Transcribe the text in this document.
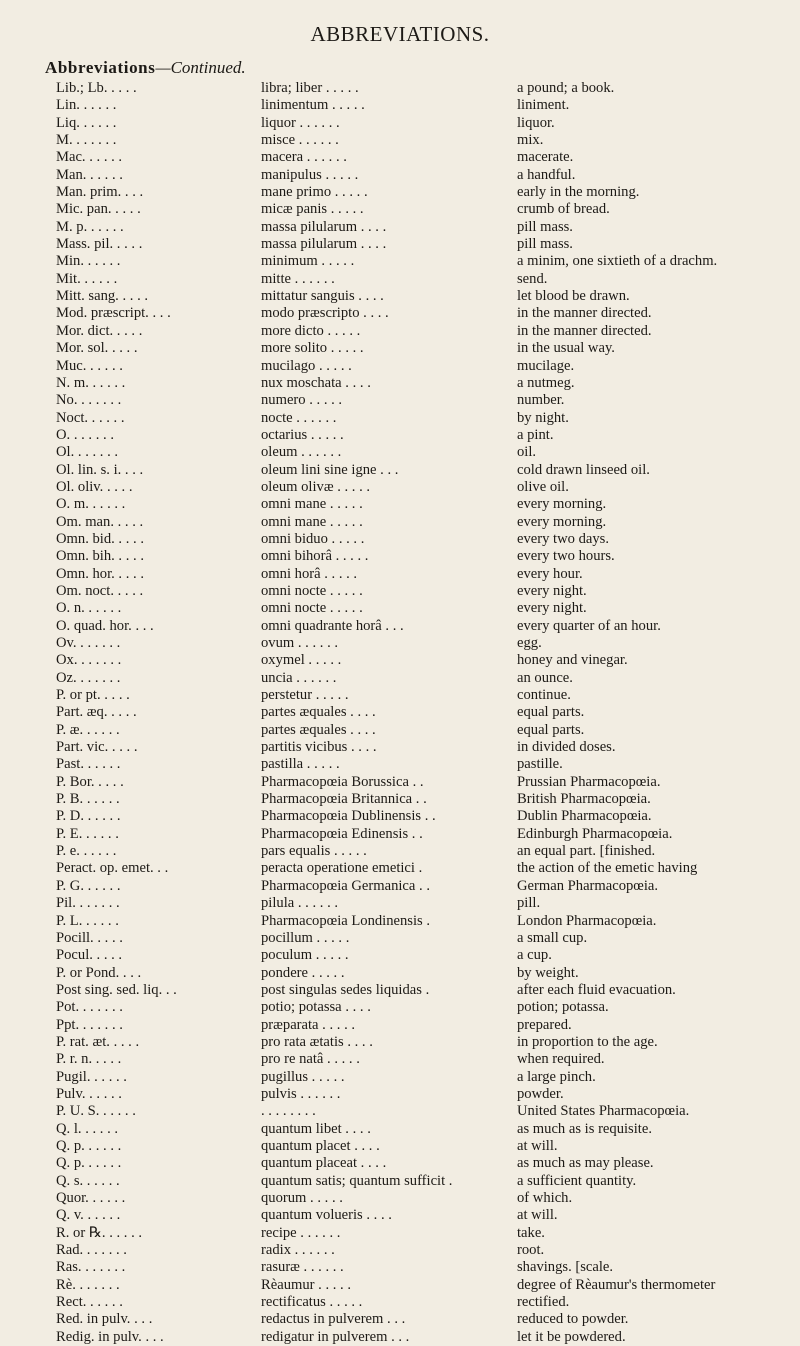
ABBREVIATIONS.
Abbreviations—Continued.
Lib.; Lb. . . . .	libra; liber . . . . .	a pound; a book.
Lin. . . . . .	linimentum . . . . .	liniment.
Liq. . . . . .	liquor . . . . . .	liquor.
M. . . . . . .	misce . . . . . .	mix.
Mac. . . . . .	macera . . . . . .	macerate.
Man. . . . . .	manipulus . . . . .	a handful.
Man. prim. . . .	mane primo . . . . .	early in the morning.
Mic. pan. . . . .	micæ panis . . . . .	crumb of bread.
M. p. . . . . .	massa pilularum . . . .	pill mass.
Mass. pil. . . . .	massa pilularum . . . .	pill mass.
Min. . . . . .	minimum . . . . .	a minim, one sixtieth of a drachm.
Mit. . . . . .	mitte . . . . . .	send.
Mitt. sang. . . . .	mittatur sanguis . . . .	let blood be drawn.
Mod. præscript. . . .	modo præscripto . . . .	in the manner directed.
Mor. dict. . . . .	more dicto . . . . .	in the manner directed.
Mor. sol. . . . .	more solito . . . . .	in the usual way.
Muc. . . . . .	mucilago . . . . .	mucilage.
N. m. . . . . .	nux moschata . . . .	a nutmeg.
No. . . . . . .	numero . . . . .	number.
Noct. . . . . .	nocte . . . . . .	by night.
O. . . . . . .	octarius . . . . .	a pint.
Ol. . . . . . .	oleum . . . . . .	oil.
Ol. lin. s. i. . . .	oleum lini sine igne . . .	cold drawn linseed oil.
Ol. oliv. . . . .	oleum olivæ . . . . .	olive oil.
O. m. . . . . .	omni mane . . . . .	every morning.
Om. man. . . . .	omni mane . . . . .	every morning.
Omn. bid. . . . .	omni biduo . . . . .	every two days.
Omn. bih. . . . .	omni bihorâ . . . . .	every two hours.
Omn. hor. . . . .	omni horâ . . . . .	every hour.
Om. noct. . . . .	omni nocte . . . . .	every night.
O. n. . . . . .	omni nocte . . . . .	every night.
O. quad. hor. . . .	omni quadrante horâ . . .	every quarter of an hour.
Ov. . . . . . .	ovum . . . . . .	egg.
Ox. . . . . . .	oxymel . . . . .	honey and vinegar.
Oz. . . . . . .	uncia . . . . . .	an ounce.
P. or pt. . . . .	perstetur . . . . .	continue.
Part. æq. . . . .	partes æquales . . . .	equal parts.
P. æ. . . . . .	partes æquales . . . .	equal parts.
Part. vic. . . . .	partitis vicibus . . . .	in divided doses.
Past. . . . . .	pastilla . . . . .	pastille.
P. Bor. . . . .	Pharmacopœia Borussica . .	Prussian Pharmacopœia.
P. B. . . . . .	Pharmacopœia Britannica . .	British Pharmacopœia.
P. D. . . . . .	Pharmacopœia Dublinensis . .	Dublin Pharmacopœia.
P. E. . . . . .	Pharmacopœia Edinensis . .	Edinburgh Pharmacopœia.
P. e. . . . . .	pars equalis . . . . .	an equal part. [finished.
Peract. op. emet. . .	peracta operatione emetici .	the action of the emetic having
P. G. . . . . .	Pharmacopœia Germanica . .	German Pharmacopœia.
Pil. . . . . . .	pilula . . . . . .	pill.
P. L. . . . . .	Pharmacopœia Londinensis .	London Pharmacopœia.
Pocill. . . . .	pocillum . . . . .	a small cup.
Pocul. . . . .	poculum . . . . .	a cup.
P. or Pond. . . .	pondere . . . . .	by weight.
Post sing. sed. liq. . .	post singulas sedes liquidas .	after each fluid evacuation.
Pot. . . . . . .	potio; potassa . . . .	potion; potassa.
Ppt. . . . . . .	præparata . . . . .	prepared.
P. rat. æt. . . . .	pro rata ætatis . . . .	in proportion to the age.
P. r. n. . . . .	pro re natâ . . . . .	when required.
Pugil. . . . . .	pugillus . . . . .	a large pinch.
Pulv. . . . . .	pulvis . . . . . .	powder.
P. U. S. . . . . .	. . . . . . . .	United States Pharmacopœia.
Q. l. . . . . .	quantum libet . . . .	as much as is requisite.
Q. p. . . . . .	quantum placet . . . .	at will.
Q. p. . . . . .	quantum placeat . . . .	as much as may please.
Q. s. . . . . .	quantum satis; quantum sufficit .	a sufficient quantity.
Quor. . . . . .	quorum . . . . .	of which.
Q. v. . . . . .	quantum volueris . . . .	at will.
R. or ℞. . . . . .	recipe . . . . . .	take.
Rad. . . . . . .	radix . . . . . .	root.
Ras. . . . . . .	rasuræ . . . . . .	shavings. [scale.
Rè. . . . . . .	Rèaumur . . . . .	degree of Rèaumur's thermometer
Rect. . . . . .	rectificatus . . . . .	rectified.
Red. in pulv. . . .	redactus in pulverem . . .	reduced to powder.
Redig. in pulv. . . .	redigatur in pulverem . . .	let it be powdered.
